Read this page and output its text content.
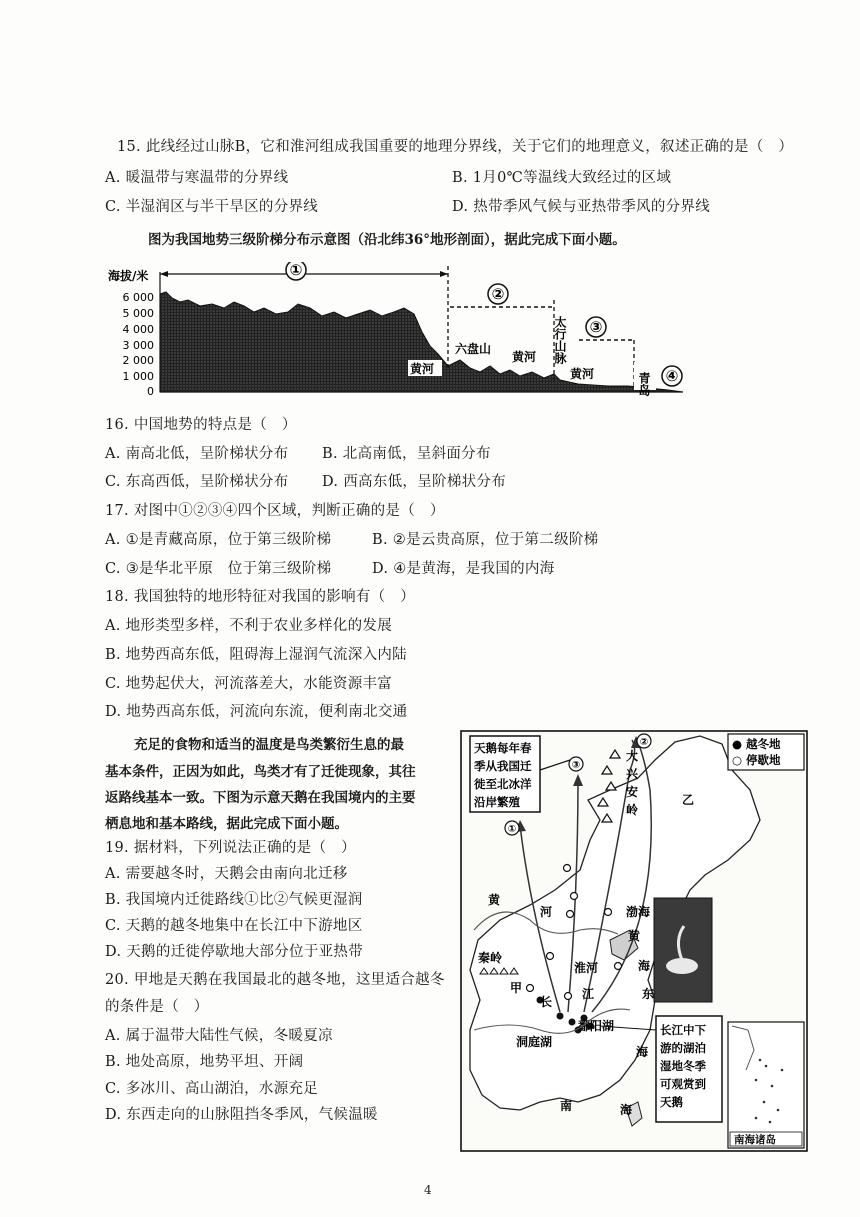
15. 此线经过山脉B，它和淮河组成我国重要的地理分界线，关于它们的地理意义，叙述正确的是（　）
A. 暖温带与寒温带的分界线	B. 1月0℃等温线大致经过的区域
C. 半湿润区与半干旱区的分界线	D. 热带季风气候与亚热带季风的分界线
图为我国地势三级阶梯分布示意图（沿北纬36°地形剖面），据此完成下面小题。
海拔/米
6 000
5 000
4 000
3 000
2 000
1 000
0
①
②
③
④
黄河
六盘山
黄河 太行山脉
黄河	青岛
16. 中国地势的特点是（　）
A. 南高北低，呈阶梯状分布 B. 北高南低，呈斜面分布
C. 东高西低，呈阶梯状分布 D. 西高东低，呈阶梯状分布
17. 对图中①②③④四个区域，判断正确的是（　）
A. ①是青藏高原，位于第三级阶梯	B. ②是云贵高原，位于第二级阶梯
C. ③是华北平原　位于第三级阶梯	D. ④是黄海，是我国的内海
18. 我国独特的地形特征对我国的影响有（　）
A. 地形类型多样，不利于农业多样化的发展
B. 地势西高东低，阻碍海上湿润气流深入内陆
C. 地势起伏大，河流落差大，水能资源丰富
D. 地势西高东低，河流向东流，便利南北交通
充足的食物和适当的温度是鸟类繁衍生息的最
基本条件，正因为如此，鸟类才有了迁徙现象，其往
返路线基本一致。下图为示意天鹅在我国境内的主要
栖息地和基本路线，据此完成下面小题。
19. 据材料，下列说法正确的是（　）
A. 需要越冬时，天鹅会由南向北迁移
B. 我国境内迁徙路线①比②气候更湿润
C. 天鹅的越冬地集中在长江中下游地区
D. 天鹅的迁徙停歇地大部分位于亚热带
20. 甲地是天鹅在我国最北的越冬地，这里适合越冬
的条件是（　）
A. 属于温带大陆性气候，冬暖夏凉
B. 地处高原，地势平坦、开阔
C. 多冰川、高山湖泊，水源充足
D. 东西走向的山脉阻挡冬季风，气候温暖
天鹅每年春
季从我国迁
徙至北冰洋
沿岸繁殖
● 越冬地
○ 停歇地
①
③
②
大
兴
安
岭
乙
黄
河	渤海
黄
海
秦岭
甲
淮河
长
江	东
洞庭湖
鄱阳湖
海
南	海
长江中下
游的湖泊
湿地冬季
可观赏到
天鹅
南海诸岛
4
